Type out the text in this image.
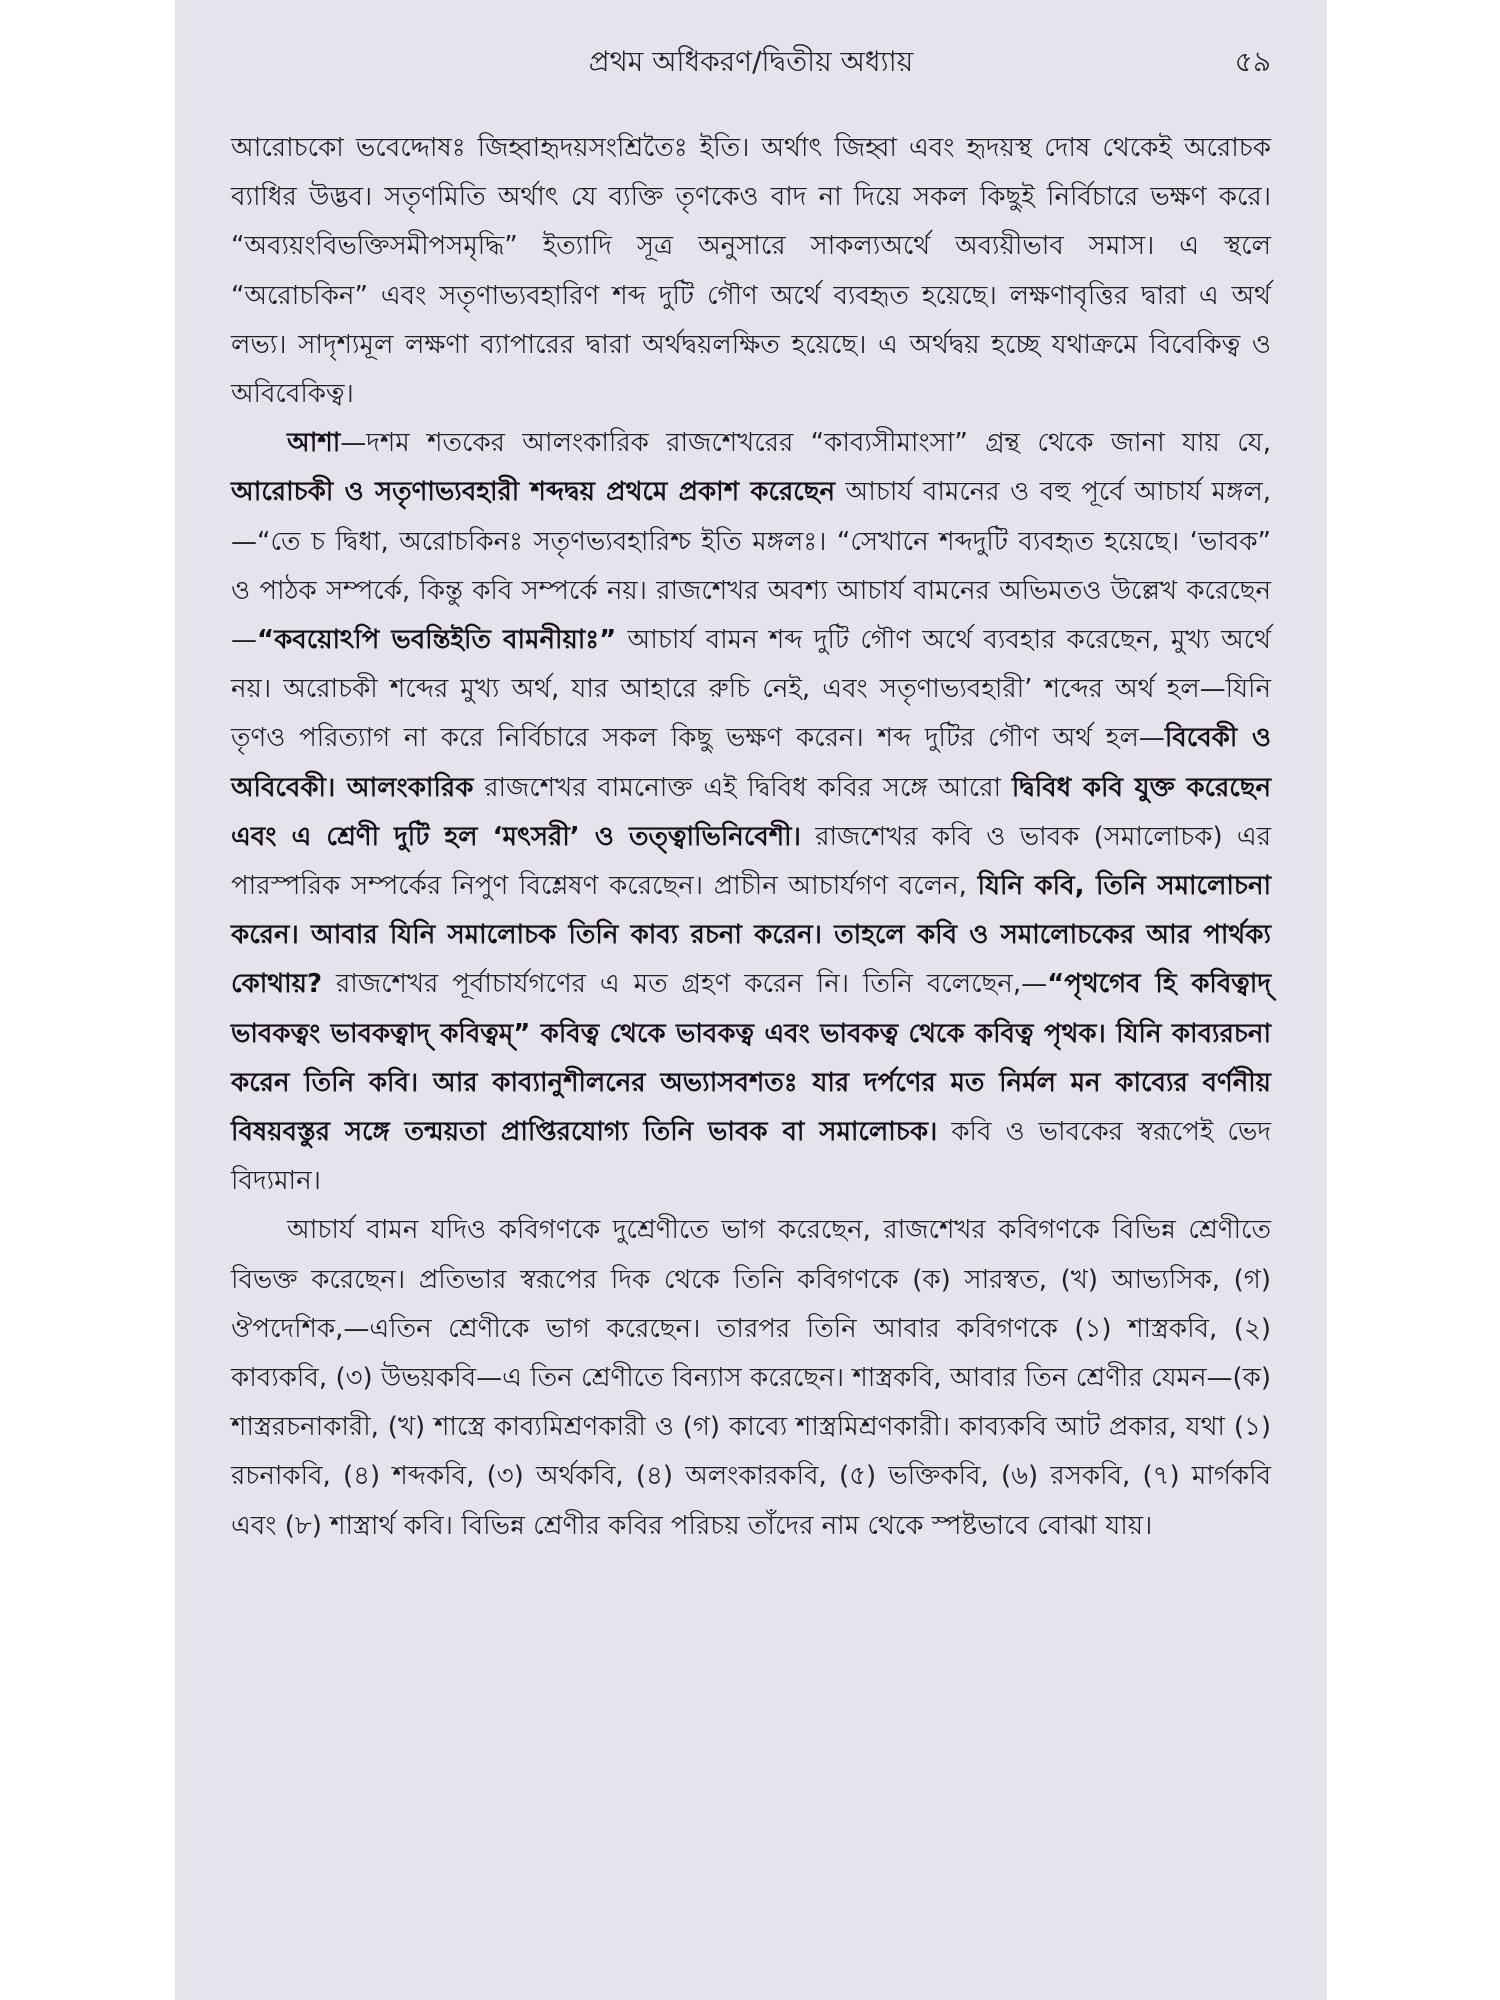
প্রথম অধিকরণ/দ্বিতীয় অধ্যায়	৫৯

আরোচকো ভবেদ্দোষঃ জিহ্বাহৃদয়সংশ্রিতৈঃ ইতি। অর্থাৎ জিহ্বা এবং হৃদয়স্থ দোষ থেকেই অরোচক ব্যাধির উদ্ভব। সতৃণমিতি অর্থাৎ যে ব্যক্তি তৃণকেও বাদ না দিয়ে সকল কিছুই নির্বিচারে ভক্ষণ করে। “অব্যয়ংবিভক্তিসমীপসমৃদ্ধি” ইত্যাদি সূত্র অনুসারে সাকল্যঅর্থে অব্যয়ীভাব সমাস। এ স্থলে “অরোচকিন” এবং সতৃণাভ্যবহারিণ শব্দ দুটি গৌণ অর্থে ব্যবহৃত হয়েছে। লক্ষণাবৃত্তির দ্বারা এ অর্থ লভ্য। সাদৃশ্যমূল লক্ষণা ব্যাপারের দ্বারা অর্থদ্বয়লক্ষিত হয়েছে। এ অর্থদ্বয় হচ্ছে যথাক্রমে বিবেকিত্ব ও অবিবেকিত্ব।

আশা—দশম শতকের আলংকারিক রাজশেখরের “কাব্যসীমাংসা” গ্রন্থ থেকে জানা যায় যে, আরোচকী ও সতৃণাভ্যবহারী শব্দদ্বয় প্রথমে প্রকাশ করেছেন আচার্য বামনের ও বহু পূর্বে আচার্য মঙ্গল,—“তে চ দ্বিধা, অরোচকিনঃ সতৃণভ্যবহারিশ্চ ইতি মঙ্গলঃ। “সেখানে শব্দদুটি ব্যবহৃত হয়েছে। ‘ভাবক” ও পাঠক সম্পর্কে, কিন্তু কবি সম্পর্কে নয়। রাজশেখর অবশ্য আচার্য বামনের অভিমতও উল্লেখ করেছেন—“কবয়োঽপি ভবন্তিইতি বামনীয়াঃ” আচার্য বামন শব্দ দুটি গৌণ অর্থে ব্যবহার করেছেন, মুখ্য অর্থে নয়। অরোচকী শব্দের মুখ্য অর্থ, যার আহারে রুচি নেই, এবং সতৃণাভ্যবহারী’ শব্দের অর্থ হল—যিনি তৃণও পরিত্যাগ না করে নির্বিচারে সকল কিছু ভক্ষণ করেন। শব্দ দুটির গৌণ অর্থ হল—বিবেকী ও অবিবেকী। আলংকারিক রাজশেখর বামনোক্ত এই দ্বিবিধ কবির সঙ্গে আরো দ্বিবিধ কবি যুক্ত করেছেন এবং এ শ্রেণী দুটি হল ‘মৎসরী’ ও তত্ত্বাভিনিবেশী। রাজশেখর কবি ও ভাবক (সমালোচক) এর পারস্পরিক সম্পর্কের নিপুণ বিশ্লেষণ করেছেন। প্রাচীন আচার্যগণ বলেন, যিনি কবি, তিনি সমালোচনা করেন। আবার যিনি সমালোচক তিনি কাব্য রচনা করেন। তাহলে কবি ও সমালোচকের আর পার্থক্য কোথায়? রাজশেখর পূর্বাচার্যগণের এ মত গ্রহণ করেন নি। তিনি বলেছেন,—“পৃথগেব হি কবিত্বাদ্ ভাবকত্বং ভাবকত্বাদ্ কবিত্বম্” কবিত্ব থেকে ভাবকত্ব এবং ভাবকত্ব থেকে কবিত্ব পৃথক। যিনি কাব্যরচনা করেন তিনি কবি। আর কাব্যানুশীলনের অভ্যাসবশতঃ যার দর্পণের মত নির্মল মন কাব্যের বর্ণনীয় বিষয়বস্তুর সঙ্গে তন্ময়তা প্রাপ্তিরযোগ্য তিনি ভাবক বা সমালোচক। কবি ও ভাবকের স্বরূপেই ভেদ বিদ্যমান।

আচার্য বামন যদিও কবিগণকে দুশ্রেণীতে ভাগ করেছেন, রাজশেখর কবিগণকে বিভিন্ন শ্রেণীতে বিভক্ত করেছেন। প্রতিভার স্বরূপের দিক থেকে তিনি কবিগণকে (ক) সারস্বত, (খ) আভ্যসিক, (গ) ঔপদেশিক,—এতিন শ্রেণীকে ভাগ করেছেন। তারপর তিনি আবার কবিগণকে (১) শাস্ত্রকবি, (২) কাব্যকবি, (৩) উভয়কবি—এ তিন শ্রেণীতে বিন্যাস করেছেন। শাস্ত্রকবি, আবার তিন শ্রেণীর যেমন—(ক) শাস্ত্ররচনাকারী, (খ) শাস্ত্রে কাব্যমিশ্রণকারী ও (গ) কাব্যে শাস্ত্রমিশ্রণকারী। কাব্যকবি আট প্রকার, যথা (১) রচনাকবি, (৪) শব্দকবি, (৩) অর্থকবি, (৪) অলংকারকবি, (৫) ভক্তিকবি, (৬) রসকবি, (৭) মার্গকবি এবং (৮) শাস্ত্রার্থ কবি। বিভিন্ন শ্রেণীর কবির পরিচয় তাঁদের নাম থেকে স্পষ্টভাবে বোঝা যায়।
